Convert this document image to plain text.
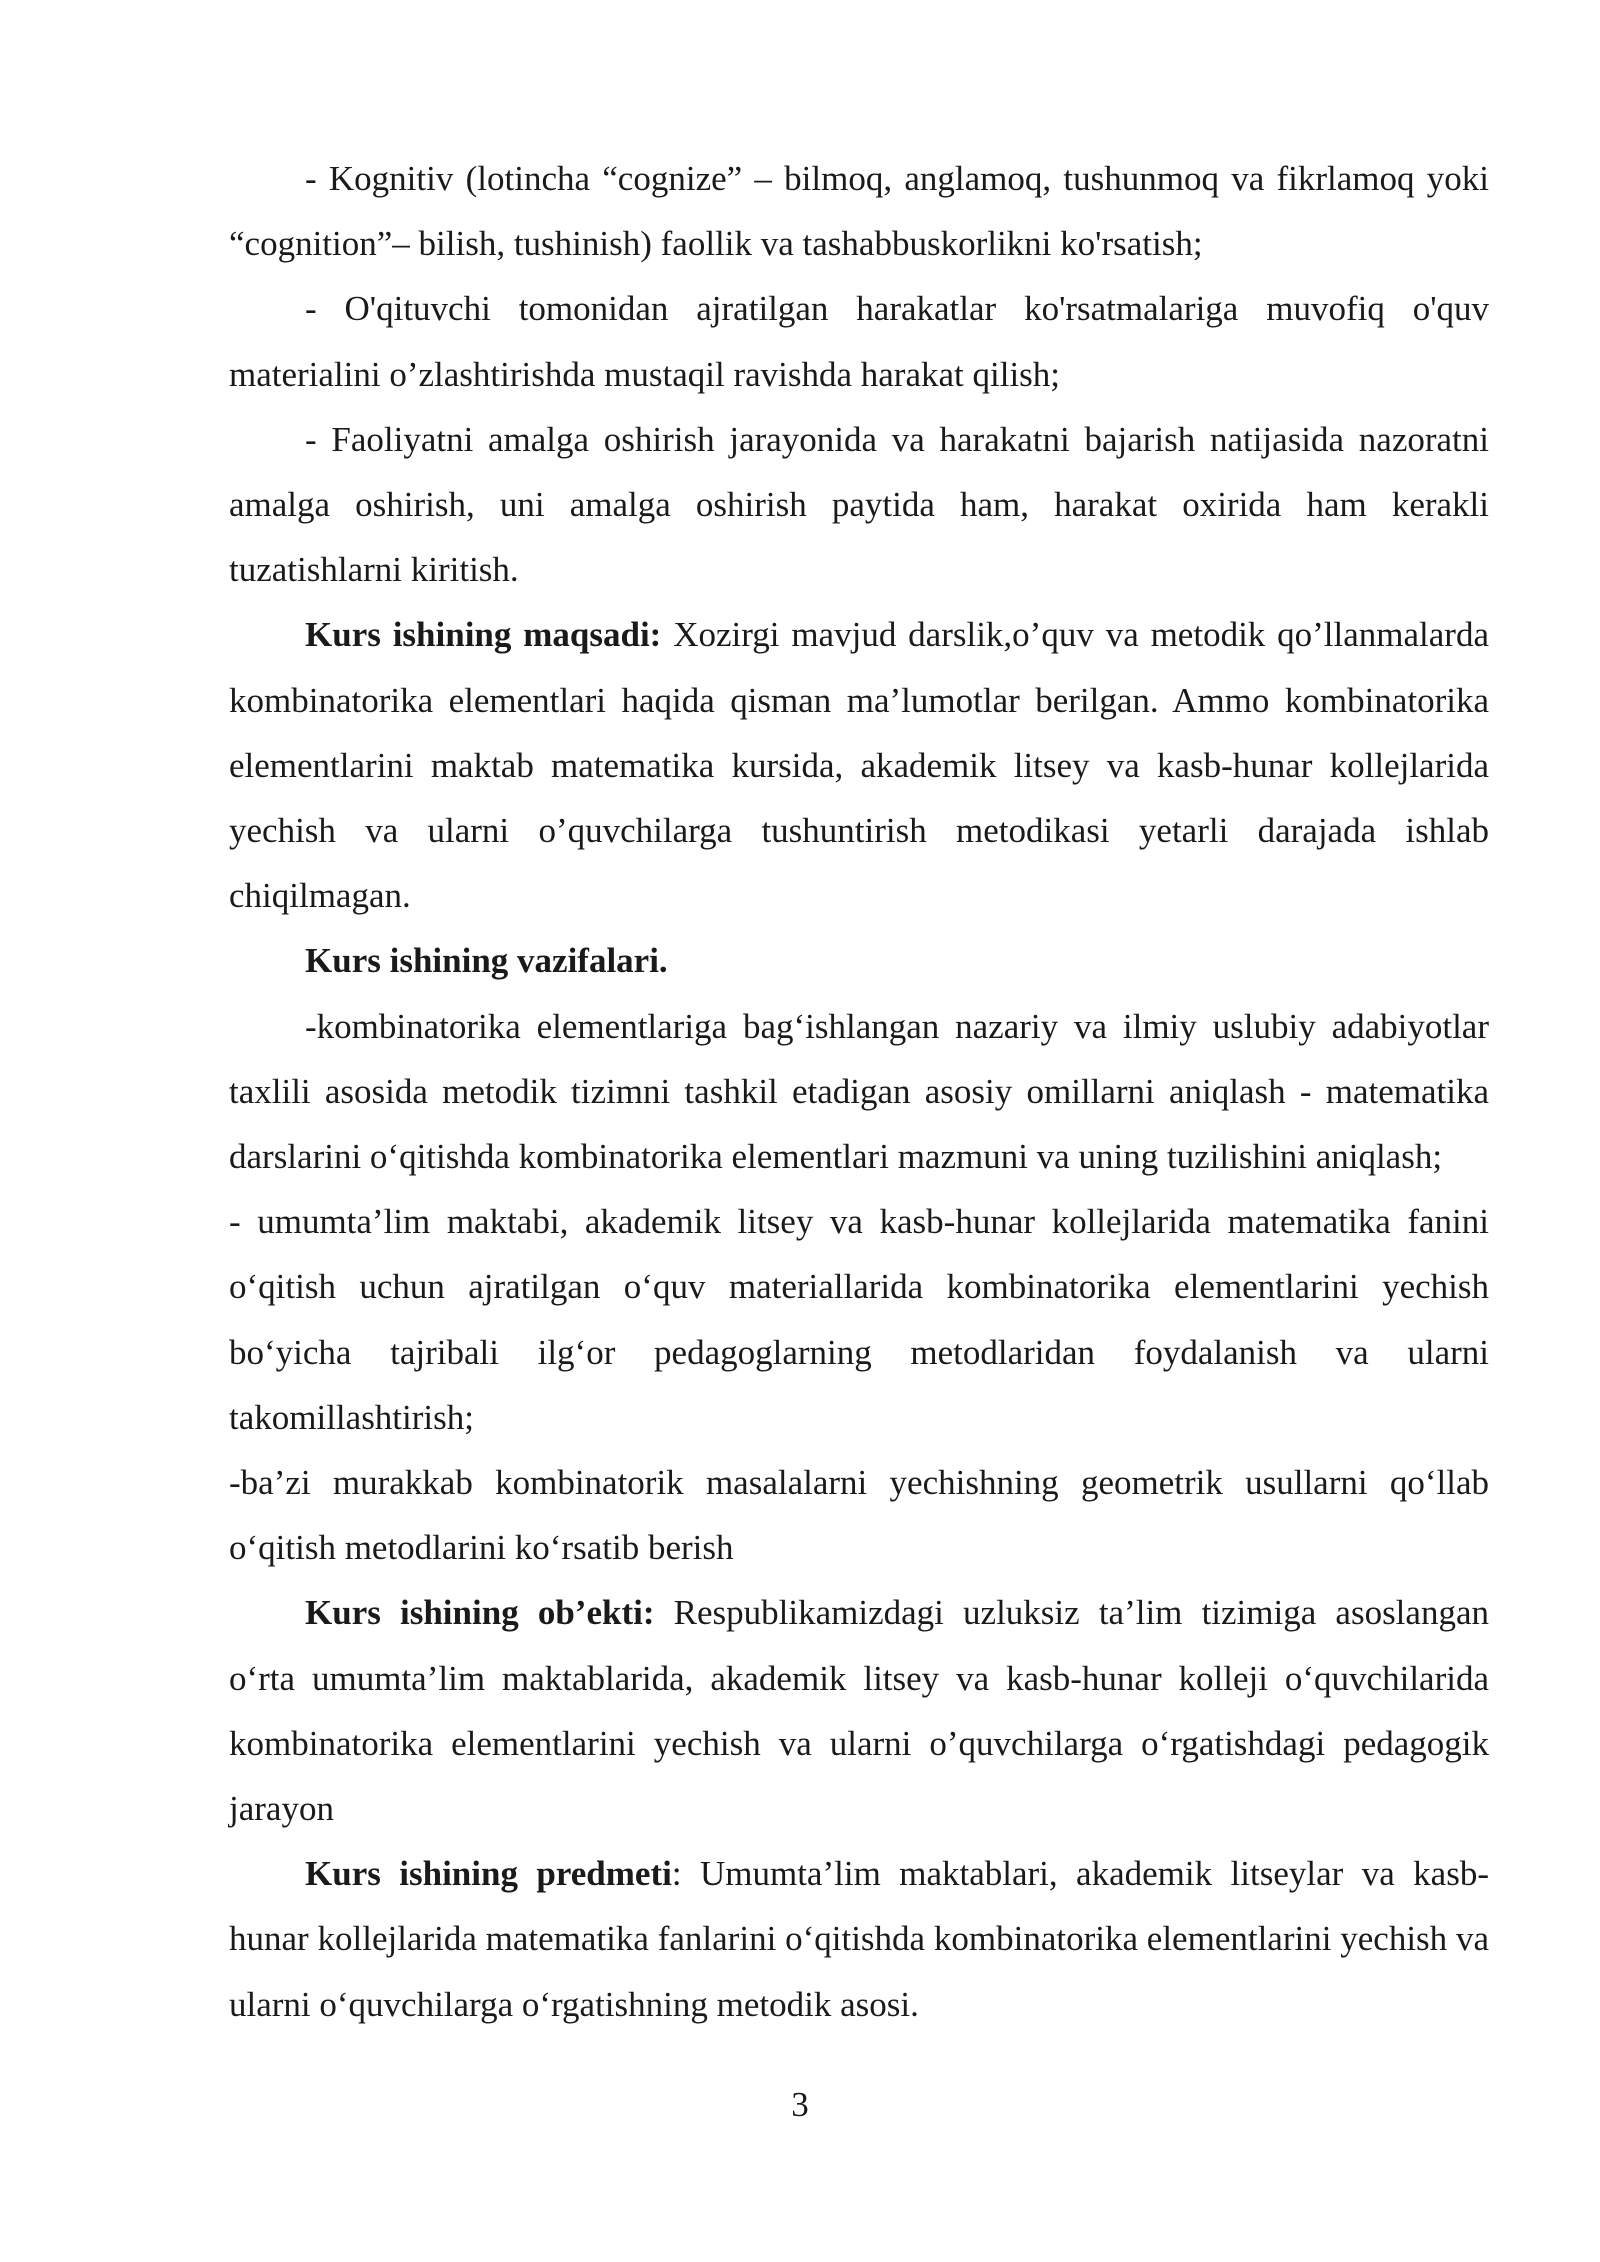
- Kognitiv (lotincha “cognize” – bilmoq, anglamoq, tushunmoq va fikrlamoq yoki “cognition”– bilish, tushinish) faollik va tashabbuskorlikni ko'rsatish;

- O'qituvchi tomonidan ajratilgan harakatlar ko'rsatmalariga muvofiq o'quv materialini o’zlashtirishda mustaqil ravishda harakat qilish;

- Faoliyatni amalga oshirish jarayonida va harakatni bajarish natijasida nazoratni amalga oshirish, uni amalga oshirish paytida ham, harakat oxirida ham kerakli tuzatishlarni kiritish.

Kurs ishining maqsadi: Xozirgi mavjud darslik,o’quv va metodik qo’llanmalarda kombinatorika elementlari haqida qisman ma’lumotlar berilgan. Ammo kombinatorika elementlarini maktab matematika kursida, akademik litsey va kasb-hunar kollejlarida yechish va ularni o’quvchilarga tushuntirish metodikasi yetarli darajada ishlab chiqilmagan.

Kurs ishining vazifalari.

-kombinatorika elementlariga bag‘ishlangan nazariy va ilmiy uslubiy adabiyotlar taxlili asosida metodik tizimni tashkil etadigan asosiy omillarni aniqlash - matematika darslarini o‘qitishda kombinatorika elementlari mazmuni va uning tuzilishini aniqlash;

- umumta’lim maktabi, akademik litsey va kasb-hunar kollejlarida matematika fanini o‘qitish uchun ajratilgan o‘quv materiallarida kombinatorika elementlarini yechish bo‘yicha tajribali ilg‘or pedagoglarning metodlaridan foydalanish va ularni takomillashtirish;

-ba’zi murakkab kombinatorik masalalarni yechishning geometrik usullarni qo‘llab o‘qitish metodlarini ko‘rsatib berish

Kurs ishining ob’ekti: Respublikamizdagi uzluksiz ta’lim tizimiga asoslangan o‘rta umumta’lim maktablarida, akademik litsey va kasb-hunar kolleji o‘quvchilarida kombinatorika elementlarini yechish va ularni o’quvchilarga o‘rgatishdagi pedagogik jarayon

Kurs ishining predmeti: Umumta’lim maktablari, akademik litseylar va kasb-hunar kollejlarida matematika fanlarini o‘qitishda kombinatorika elementlarini yechish va ularni o‘quvchilarga o‘rgatishning metodik asosi.

3
